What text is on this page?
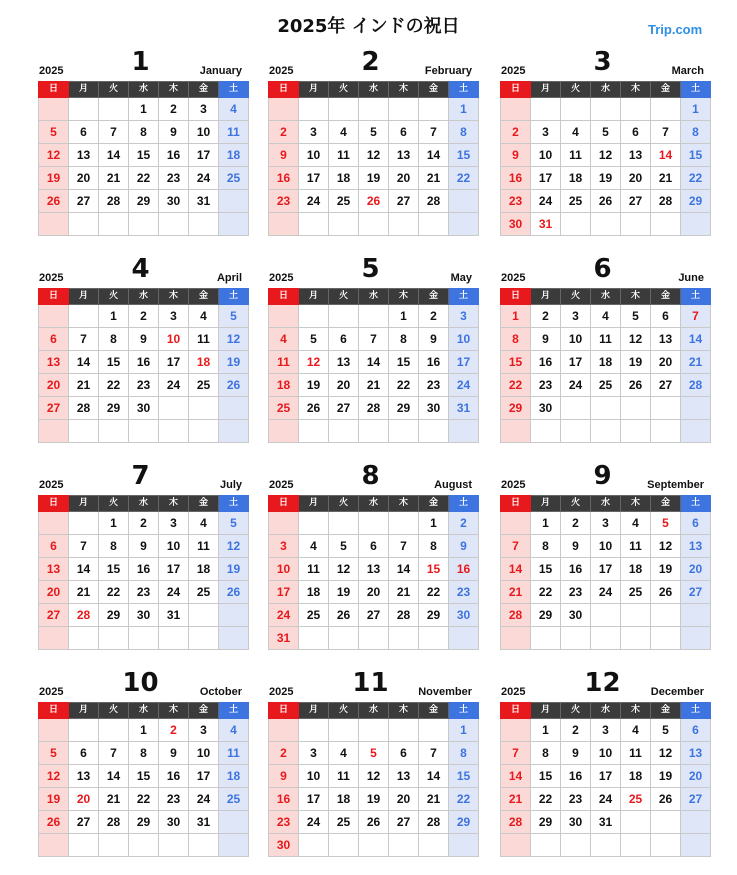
2025年 インドの祝日	Trip.com
2025	1	January
日	月	火	水	木	金	土
			1	2	3	4
5	6	7	8	9	10	11
12	13	14	15	16	17	18
19	20	21	22	23	24	25
26	27	28	29	30	31	

2025	2	February
日	月	火	水	木	金	土
						1
2	3	4	5	6	7	8
9	10	11	12	13	14	15
16	17	18	19	20	21	22
23	24	25	26	27	28	

2025	3	March
日	月	火	水	木	金	土
						1
2	3	4	5	6	7	8
9	10	11	12	13	14	15
16	17	18	19	20	21	22
23	24	25	26	27	28	29
30	31					
2025	4	April
日	月	火	水	木	金	土
		1	2	3	4	5
6	7	8	9	10	11	12
13	14	15	16	17	18	19
20	21	22	23	24	25	26
27	28	29	30			

2025	5	May
日	月	火	水	木	金	土
				1	2	3
4	5	6	7	8	9	10
11	12	13	14	15	16	17
18	19	20	21	22	23	24
25	26	27	28	29	30	31

2025	6	June
日	月	火	水	木	金	土
1	2	3	4	5	6	7
8	9	10	11	12	13	14
15	16	17	18	19	20	21
22	23	24	25	26	27	28
29	30					

2025	7	July
日	月	火	水	木	金	土
		1	2	3	4	5
6	7	8	9	10	11	12
13	14	15	16	17	18	19
20	21	22	23	24	25	26
27	28	29	30	31		

2025	8	August
日	月	火	水	木	金	土
					1	2
3	4	5	6	7	8	9
10	11	12	13	14	15	16
17	18	19	20	21	22	23
24	25	26	27	28	29	30
31						
2025	9	September
日	月	火	水	木	金	土
	1	2	3	4	5	6
7	8	9	10	11	12	13
14	15	16	17	18	19	20
21	22	23	24	25	26	27
28	29	30				

2025	10	October
日	月	火	水	木	金	土
			1	2	3	4
5	6	7	8	9	10	11
12	13	14	15	16	17	18
19	20	21	22	23	24	25
26	27	28	29	30	31	

2025	11	November
日	月	火	水	木	金	土
						1
2	3	4	5	6	7	8
9	10	11	12	13	14	15
16	17	18	19	20	21	22
23	24	25	26	27	28	29
30						
2025	12	December
日	月	火	水	木	金	土
	1	2	3	4	5	6
7	8	9	10	11	12	13
14	15	16	17	18	19	20
21	22	23	24	25	26	27
28	29	30	31			
